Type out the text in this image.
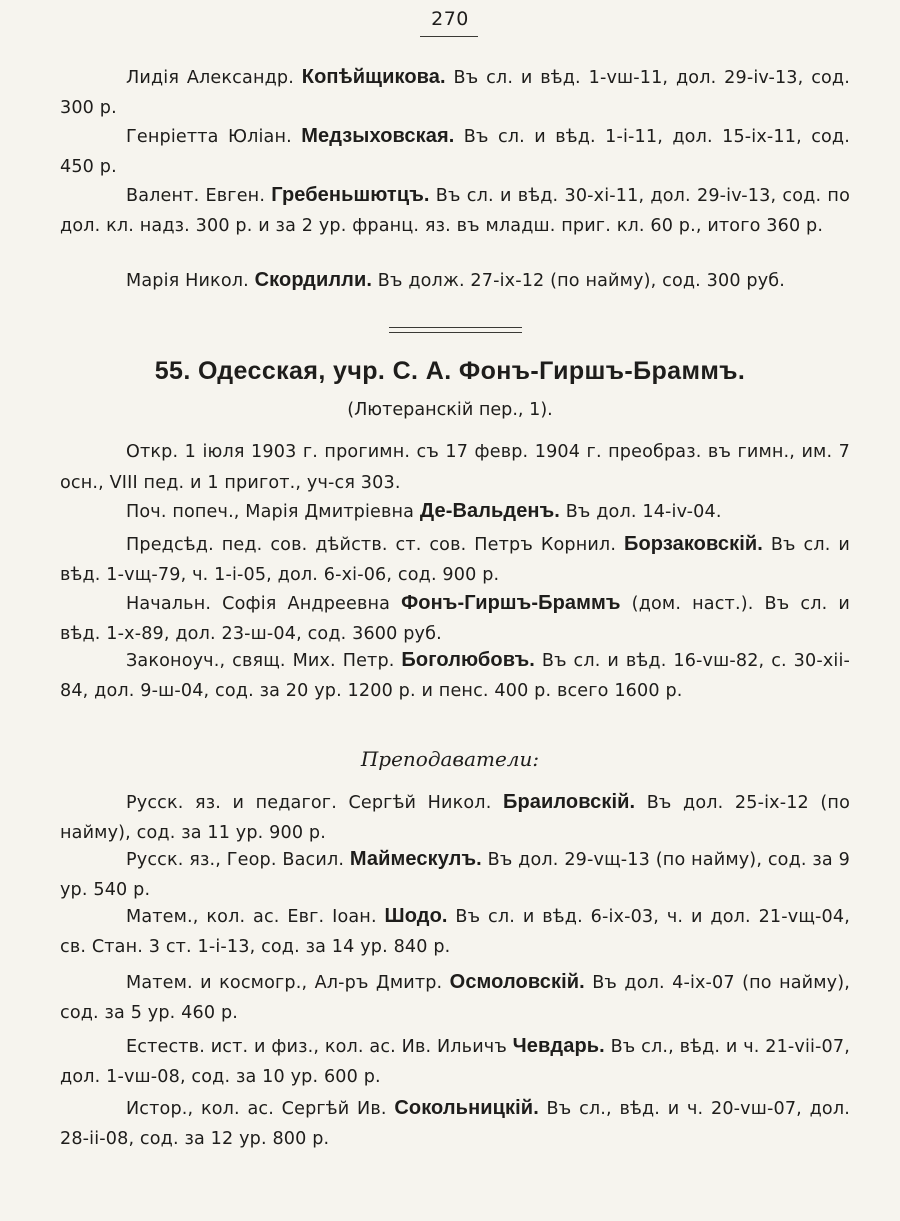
270
Лидія Александр. Копѣйщикова. Въ сл. и вѣд. 1-vш-11, дол. 29-iv-13, сод. 300 р.
Генріетта Юліан. Медзыховская. Въ сл. и вѣд. 1-i-11, дол. 15-ix-11, сод. 450 р.
Валент. Евген. Гребеньшютцъ. Въ сл. и вѣд. 30-xi-11, дол. 29-iv-13, сод. по дол. кл. надз. 300 р. и за 2 ур. франц. яз. въ младш. приг. кл. 60 р., итого 360 р.
Марія Никол. Скордилли. Въ долж. 27-ix-12 (по найму), сод. 300 руб.
55. Одесская, учр. С. А. Фонъ-Гиршъ-Браммъ.
(Лютеранскій пер., 1).
Откр. 1 іюля 1903 г. прогимн. съ 17 февр. 1904 г. преобраз. въ гимн., им. 7 осн., VIII пед. и 1 пригот., уч-ся 303.
Поч. попеч., Марія Дмитріевна Де-Вальденъ. Въ дол. 14-iv-04.
Предсѣд. пед. сов. дѣйств. ст. сов. Петръ Корнил. Борзаковскій. Въ сл. и вѣд. 1-vщ-79, ч. 1-i-05, дол. 6-xi-06, сод. 900 р.
Начальн. Софія Андреевна Фонъ-Гиршъ-Браммъ (дом. наст.). Въ сл. и вѣд. 1-x-89, дол. 23-ш-04, сод. 3600 руб.
Законоуч., свящ. Мих. Петр. Боголюбовъ. Въ сл. и вѣд. 16-vш-82, с. 30-xii-84, дол. 9-ш-04, сод. за 20 ур. 1200 р. и пенс. 400 р. всего 1600 р.
Преподаватели:
Русск. яз. и педагог. Сергѣй Никол. Браиловскій. Въ дол. 25-ix-12 (по найму), сод. за 11 ур. 900 р.
Русск. яз., Геор. Васил. Маймескулъ. Въ дол. 29-vщ-13 (по найму), сод. за 9 ур. 540 р.
Матем., кол. ас. Евг. Іоан. Шодо. Въ сл. и вѣд. 6-ix-03, ч. и дол. 21-vщ-04, св. Стан. 3 ст. 1-i-13, сод. за 14 ур. 840 р.
Матем. и космогр., Ал-ръ Дмитр. Осмоловскій. Въ дол. 4-ix-07 (по найму), сод. за 5 ур. 460 р.
Естеств. ист. и физ., кол. ас. Ив. Ильичъ Чевдарь. Въ сл., вѣд. и ч. 21-vii-07, дол. 1-vш-08, сод. за 10 ур. 600 р.
Истор., кол. ас. Сергѣй Ив. Сокольницкій. Въ сл., вѣд. и ч. 20-vш-07, дол. 28-ii-08, сод. за 12 ур. 800 р.
